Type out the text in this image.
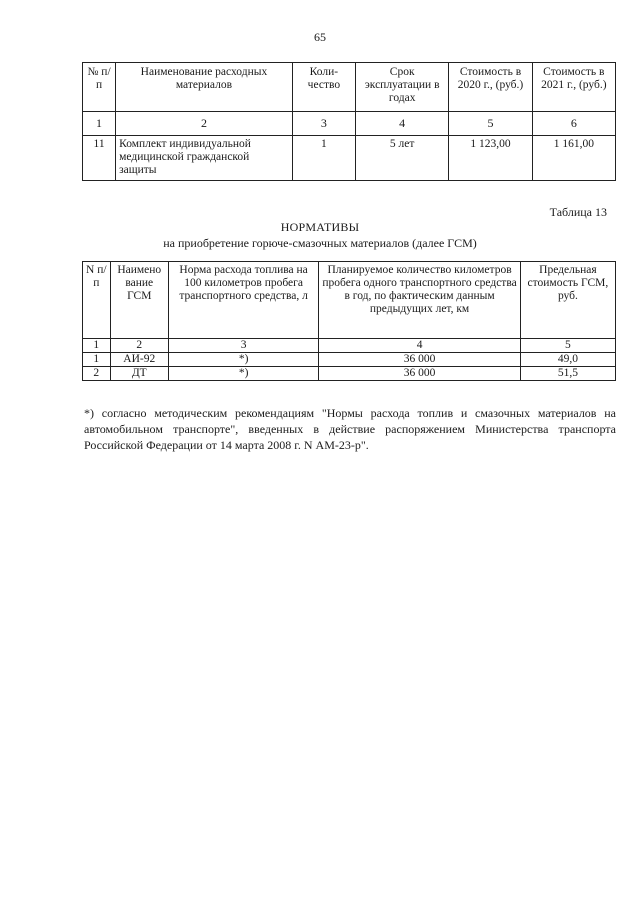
65
№ п/п	Наименование расходных материалов	Коли-чество	Срок эксплуатации в годах	Стоимость в 2020 г., (руб.)	Стоимость в 2021 г., (руб.)
1	2	3	4	5	6
11	Комплект индивидуальной медицинской гражданской защиты	1	5 лет	1 123,00	1 161,00
Таблица 13
НОРМАТИВЫ
на приобретение горюче-смазочных материалов (далее ГСМ)
N п/п	Наимено вание ГСМ	Норма расхода топлива на 100 километров пробега транспортного средства, л	Планируемое количество километров пробега одного транспортного средства в год, по фактическим данным предыдущих лет, км	Предельная стоимость ГСМ, руб.
1	2	3	4	5
1	АИ-92	*)	36 000	49,0
2	ДТ	*)	36 000	51,5
*) согласно методическим рекомендациям "Нормы расхода топлив и смазочных материалов на автомобильном транспорте", введенных в действие распоряжением Министерства транспорта Российской Федерации от 14 марта 2008 г. N АМ-23-р".
